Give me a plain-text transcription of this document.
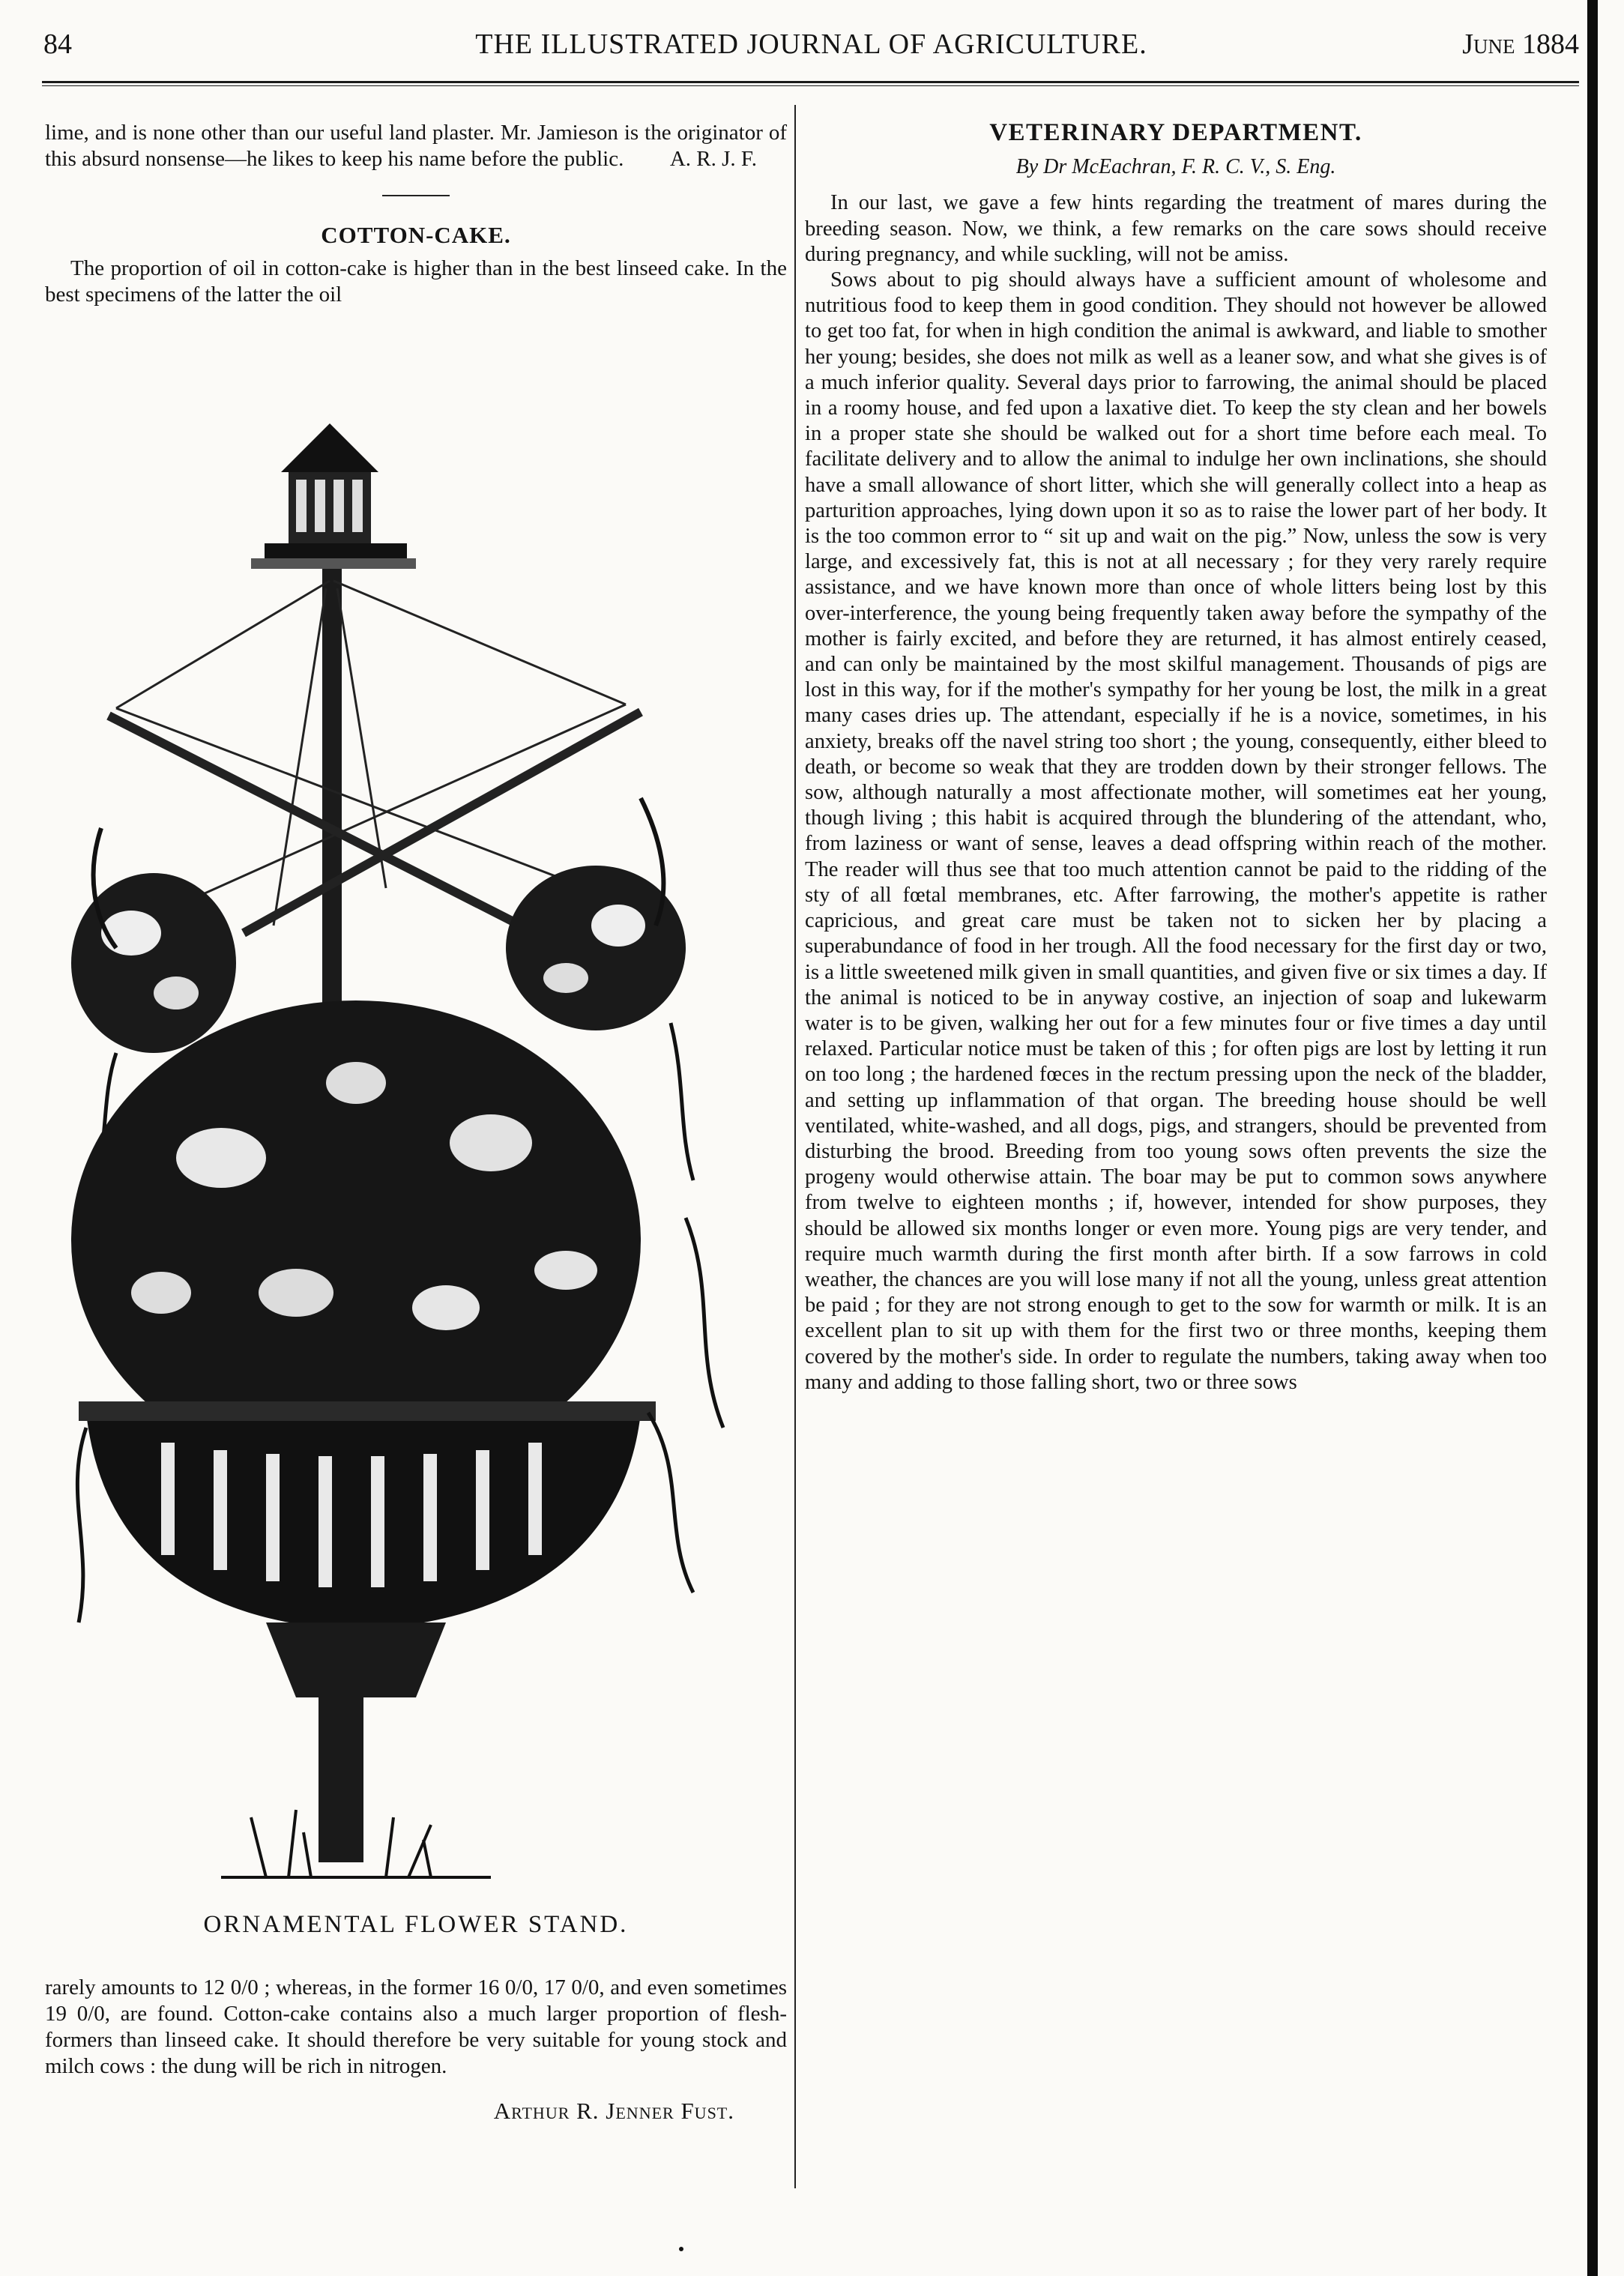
84	THE ILLUSTRATED JOURNAL OF AGRICULTURE.	June 1884

lime, and is none other than our useful land plaster. Mr. Jamieson is the originator of this absurd nonsense—he likes to keep his name before the public. A. R. J. F.

COTTON-CAKE.

The proportion of oil in cotton-cake is higher than in the best linseed cake. In the best specimens of the latter the oil

ORNAMENTAL FLOWER STAND.

rarely amounts to 12 0/0 ; whereas, in the former 16 0/0, 17 0/0, and even sometimes 19 0/0, are found. Cotton-cake contains also a much larger proportion of flesh-formers than linseed cake. It should therefore be very suitable for young stock and milch cows : the dung will be rich in nitrogen.

Arthur R. Jenner Fust.
VETERINARY DEPARTMENT.
By Dr McEachran, F. R. C. V., S. Eng.

In our last, we gave a few hints regarding the treatment of mares during the breeding season. Now, we think, a few remarks on the care sows should receive during pregnancy, and while suckling, will not be amiss.

Sows about to pig should always have a sufficient amount of wholesome and nutritious food to keep them in good condition. They should not however be allowed to get too fat, for when in high condition the animal is awkward, and liable to smother her young; besides, she does not milk as well as a leaner sow, and what she gives is of a much inferior quality. Several days prior to farrowing, the animal should be placed in a roomy house, and fed upon a laxative diet. To keep the sty clean and her bowels in a proper state she should be walked out for a short time before each meal. To facilitate delivery and to allow the animal to indulge her own inclinations, she should have a small allowance of short litter, which she will generally collect into a heap as parturition approaches, lying down upon it so as to raise the lower part of her body. It is the too common error to “ sit up and wait on the pig.” Now, unless the sow is very large, and excessively fat, this is not at all necessary ; for they very rarely require assistance, and we have known more than once of whole litters being lost by this over-interference, the young being frequently taken away before the sympathy of the mother is fairly excited, and before they are returned, it has almost entirely ceased, and can only be maintained by the most skilful management. Thousands of pigs are lost in this way, for if the mother's sympathy for her young be lost, the milk in a great many cases dries up. The attendant, especially if he is a novice, sometimes, in his anxiety, breaks off the navel string too short ; the young, consequently, either bleed to death, or become so weak that they are trodden down by their stronger fellows. The sow, although naturally a most affectionate mother, will sometimes eat her young, though living ; this habit is acquired through the blundering of the attendant, who, from laziness or want of sense, leaves a dead offspring within reach of the mother. The reader will thus see that too much attention cannot be paid to the ridding of the sty of all fœtal membranes, etc. After farrowing, the mother's appetite is rather capricious, and great care must be taken not to sicken her by placing a superabundance of food in her trough. All the food necessary for the first day or two, is a little sweetened milk given in small quantities, and given five or six times a day. If the animal is noticed to be in anyway costive, an injection of soap and lukewarm water is to be given, walking her out for a few minutes four or five times a day until relaxed. Particular notice must be taken of this ; for often pigs are lost by letting it run on too long ; the hardened fœces in the rectum pressing upon the neck of the bladder, and setting up inflammation of that organ. The breeding house should be well ventilated, white-washed, and all dogs, pigs, and strangers, should be prevented from disturbing the brood. Breeding from too young sows often prevents the size the progeny would otherwise attain. The boar may be put to common sows anywhere from twelve to eighteen months ; if, however, intended for show purposes, they should be allowed six months longer or even more. Young pigs are very tender, and require much warmth during the first month after birth. If a sow farrows in cold weather, the chances are you will lose many if not all the young, unless great attention be paid ; for they are not strong enough to get to the sow for warmth or milk. It is an excellent plan to sit up with them for the first two or three months, keeping them covered by the mother's side. In order to regulate the numbers, taking away when too many and adding to those falling short, two or three sows
